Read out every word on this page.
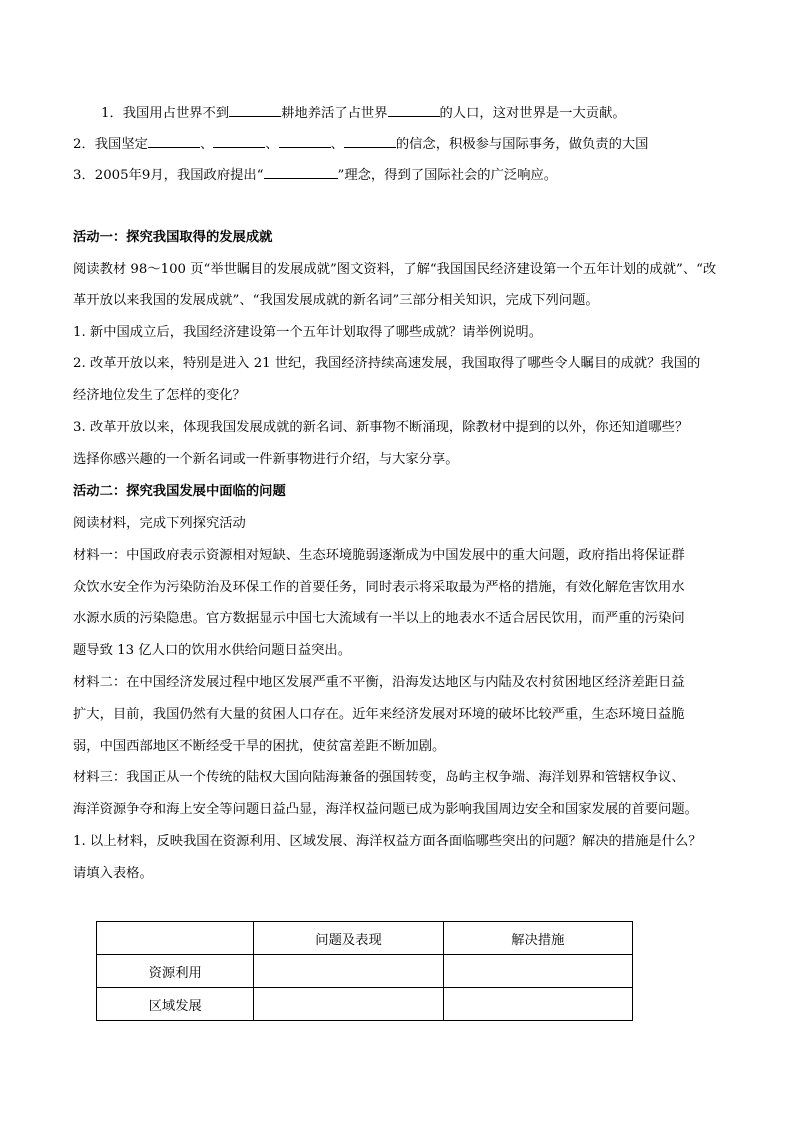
1．我国用占世界不到	耕地养活了占世界	的人口，这对世界是一大贡献。
2．我国坚定	、	、	、	的信念，积极参与国际事务，做负责的大国
3．2005年9月，我国政府提出“	”理念，得到了国际社会的广泛响应。
活动一：探究我国取得的发展成就
阅读教材 98～100 页“举世瞩目的发展成就”图文资料，了解“我国国民经济建设第一个五年计划的成就”、“改
革开放以来我国的发展成就”、“我国发展成就的新名词”三部分相关知识，完成下列问题。
1. 新中国成立后，我国经济建设第一个五年计划取得了哪些成就？请举例说明。
2. 改革开放以来，特别是进入 21 世纪，我国经济持续高速发展，我国取得了哪些令人瞩目的成就？我国的
经济地位发生了怎样的变化？
3. 改革开放以来，体现我国发展成就的新名词、新事物不断涌现，除教材中提到的以外，你还知道哪些？
选择你感兴趣的一个新名词或一件新事物进行介绍，与大家分享。
活动二：探究我国发展中面临的问题
阅读材料，完成下列探究活动
材料一：中国政府表示资源相对短缺、生态环境脆弱逐渐成为中国发展中的重大问题，政府指出将保证群
众饮水安全作为污染防治及环保工作的首要任务，同时表示将采取最为严格的措施，有效化解危害饮用水
水源水质的污染隐患。官方数据显示中国七大流域有一半以上的地表水不适合居民饮用，而严重的污染问
题导致 13 亿人口的饮用水供给问题日益突出。
材料二：在中国经济发展过程中地区发展严重不平衡，沿海发达地区与内陆及农村贫困地区经济差距日益
扩大，目前，我国仍然有大量的贫困人口存在。近年来经济发展对环境的破坏比较严重，生态环境日益脆
弱，中国西部地区不断经受干旱的困扰，使贫富差距不断加剧。
材料三：我国正从一个传统的陆权大国向陆海兼备的强国转变，岛屿主权争端、海洋划界和管辖权争议、
海洋资源争夺和海上安全等问题日益凸显，海洋权益问题已成为影响我国周边安全和国家发展的首要问题。
1. 以上材料，反映我国在资源利用、区域发展、海洋权益方面各面临哪些突出的问题？解决的措施是什么？
请填入表格。
	问题及表现	解决措施
资源利用		
区域发展		
